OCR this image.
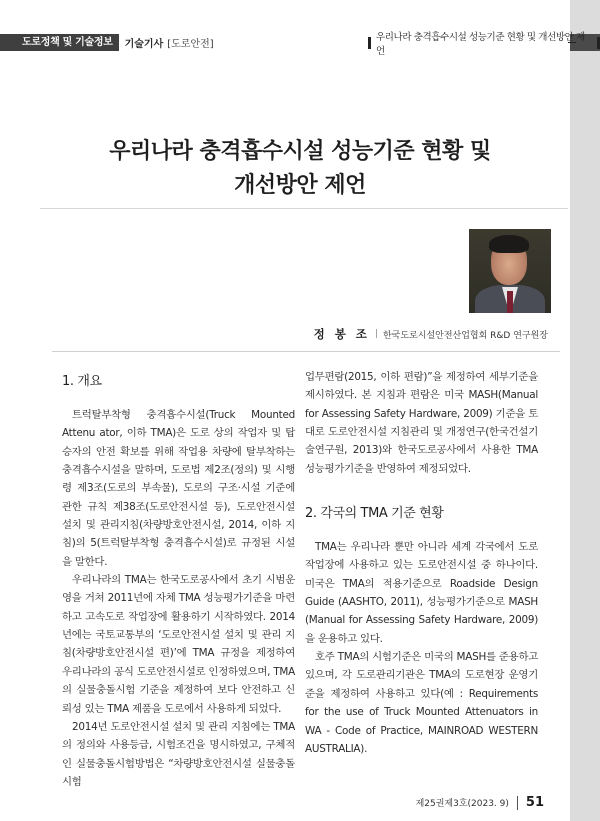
도로정책 및 기술정보	기술기사 [도로안전]
우리나라 충격흡수시설 성능기준 현황 및 개선방안 제언
우리나라 충격흡수시설 성능기준 현황 및
개선방안 제언
정 봉 조 | 한국도로시설안전산업협회 R&D 연구원장
1. 개요

트럭탈부착형 충격흡수시설(Truck Mounted Attenu ator, 이하 TMA)은 도로 상의 작업자 및 탑승자의 안전 확보를 위해 작업용 차량에 탈부착하는 충격흡수시설을 말하며, 도로법 제2조(정의) 및 시행령 제3조(도로의 부속물), 도로의 구조·시설 기준에 관한 규칙 제38조(도로안전시설 등), 도로안전시설 설치 및 관리지침(차량방호안전시설, 2014, 이하 지침)의 5(트럭탈부착형 충격흡수시설)로 규정된 시설을 말한다.

우리나라의 TMA는 한국도로공사에서 초기 시범운영을 거쳐 2011년에 자체 TMA 성능평가기준을 마련하고 고속도로 작업장에 활용하기 시작하였다. 2014년에는 국토교통부의 ‘도로안전시설 설치 및 관리 지침(차량방호안전시설 편)’에 TMA 규정을 제정하여 우리나라의 공식 도로안전시설로 인정하였으며, TMA의 실물충돌시험 기준을 제정하여 보다 안전하고 신뢰성 있는 TMA 제품을 도로에서 사용하게 되었다.

2014년 도로안전시설 설치 및 관리 지침에는 TMA의 정의와 사용등급, 시험조건을 명시하였고, 구체적인 실물충돌시험방법은 “차량방호안전시설 실물충돌시험

업무편람(2015, 이하 편람)”을 제정하여 세부기준을 제시하였다. 본 지침과 편람은 미국 MASH(Manual for Assessing Safety Hardware, 2009) 기준을 토대로 도로안전시설 지침관리 및 개정연구(한국건설기술연구원, 2013)와 한국도로공사에서 사용한 TMA 성능평가기준을 반영하여 제정되었다.

2. 각국의 TMA 기준 현황

TMA는 우리나라 뿐만 아니라 세계 각국에서 도로작업장에 사용하고 있는 도로안전시설 중 하나이다. 미국은 TMA의 적용기준으로 Roadside Design Guide (AASHTO, 2011), 성능평가기준으로 MASH (Manual for Assessing Safety Hardware, 2009)을 운용하고 있다.

호주 TMA의 시험기준은 미국의 MASH를 준용하고 있으며, 각 도로관리기관은 TMA의 도로현장 운영기준을 제정하여 사용하고 있다(예 : Requirements for the use of Truck Mounted Attenuators in WA - Code of Practice, MAINROAD WESTERN AUSTRALIA).

제25권제3호(2023. 9) 51
